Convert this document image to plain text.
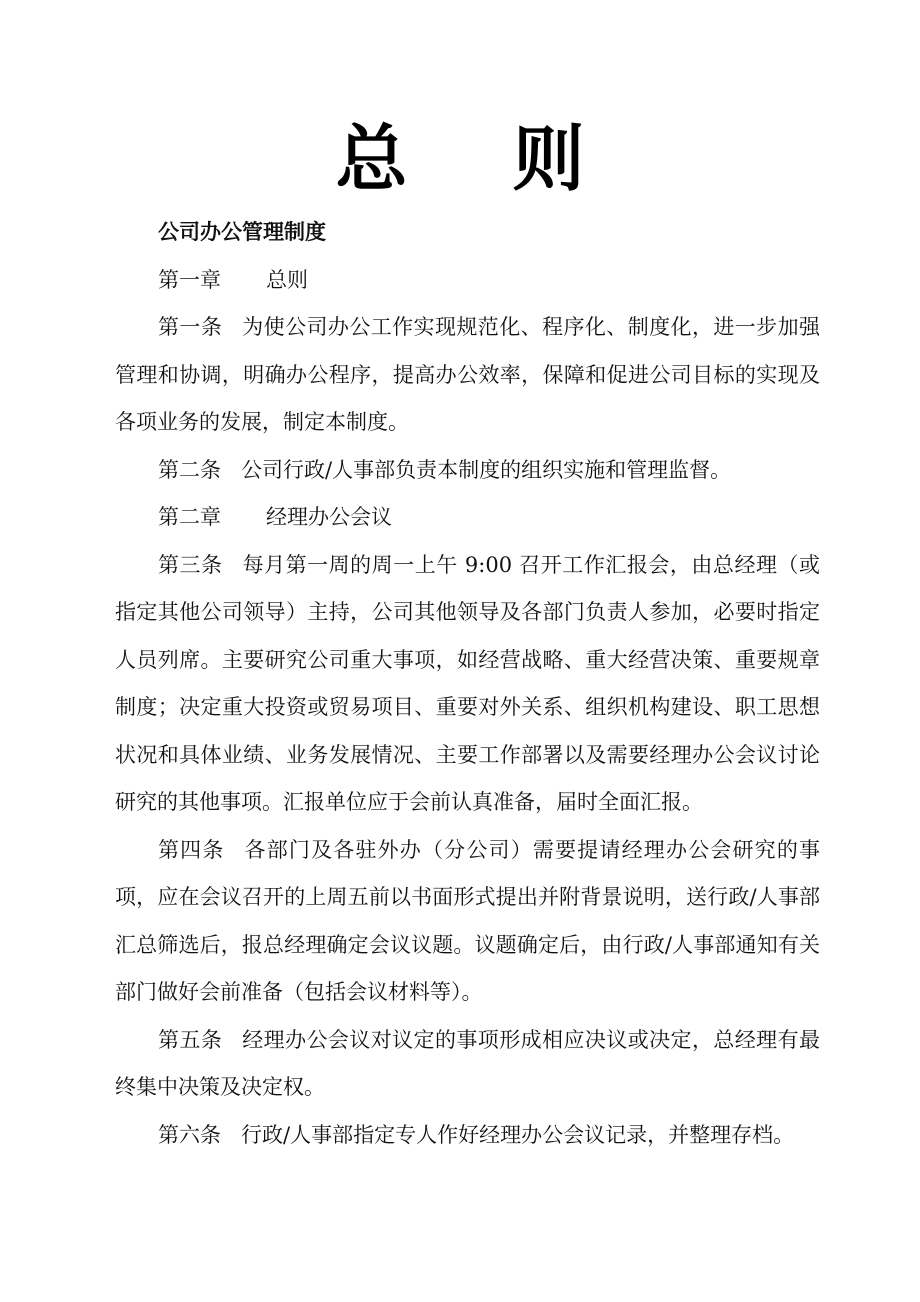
总 则
公司办公管理制度
第一章	总则
第一条 为使公司办公工作实现规范化、程序化、制度化，进一步加强管理和协调，明确办公程序，提高办公效率，保障和促进公司目标的实现及各项业务的发展，制定本制度。
第二条 公司行政/人事部负责本制度的组织实施和管理监督。
第二章	经理办公会议
第三条 每月第一周的周一上午 9:00 召开工作汇报会，由总经理（或指定其他公司领导）主持，公司其他领导及各部门负责人参加，必要时指定人员列席。主要研究公司重大事项，如经营战略、重大经营决策、重要规章制度；决定重大投资或贸易项目、重要对外关系、组织机构建设、职工思想状况和具体业绩、业务发展情况、主要工作部署以及需要经理办公会议讨论研究的其他事项。汇报单位应于会前认真准备，届时全面汇报。
第四条 各部门及各驻外办（分公司）需要提请经理办公会研究的事项，应在会议召开的上周五前以书面形式提出并附背景说明，送行政/人事部汇总筛选后，报总经理确定会议议题。议题确定后，由行政/人事部通知有关部门做好会前准备（包括会议材料等）。
第五条 经理办公会议对议定的事项形成相应决议或决定，总经理有最终集中决策及决定权。
第六条 行政/人事部指定专人作好经理办公会议记录，并整理存档。
